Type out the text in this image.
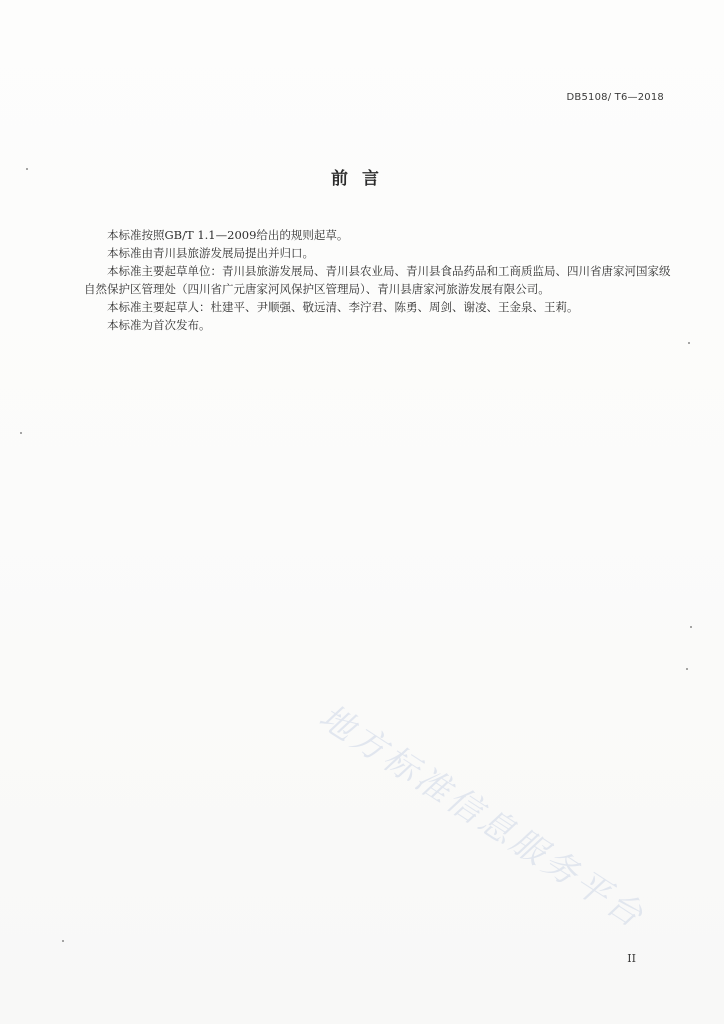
DB5108/ T6—2018
前言

本标准按照GB/T 1.1—2009给出的规则起草。

本标准由青川县旅游发展局提出并归口。

本标准主要起草单位：青川县旅游发展局、青川县农业局、青川县食品药品和工商质监局、四川省唐家河国家级自然保护区管理处（四川省广元唐家河风保护区管理局）、青川县唐家河旅游发展有限公司。

本标准主要起草人：杜建平、尹顺强、敬远清、李泞君、陈勇、周剑、谢凌、王金泉、王莉。

本标准为首次发布。

地方标准信息服务平台
II
